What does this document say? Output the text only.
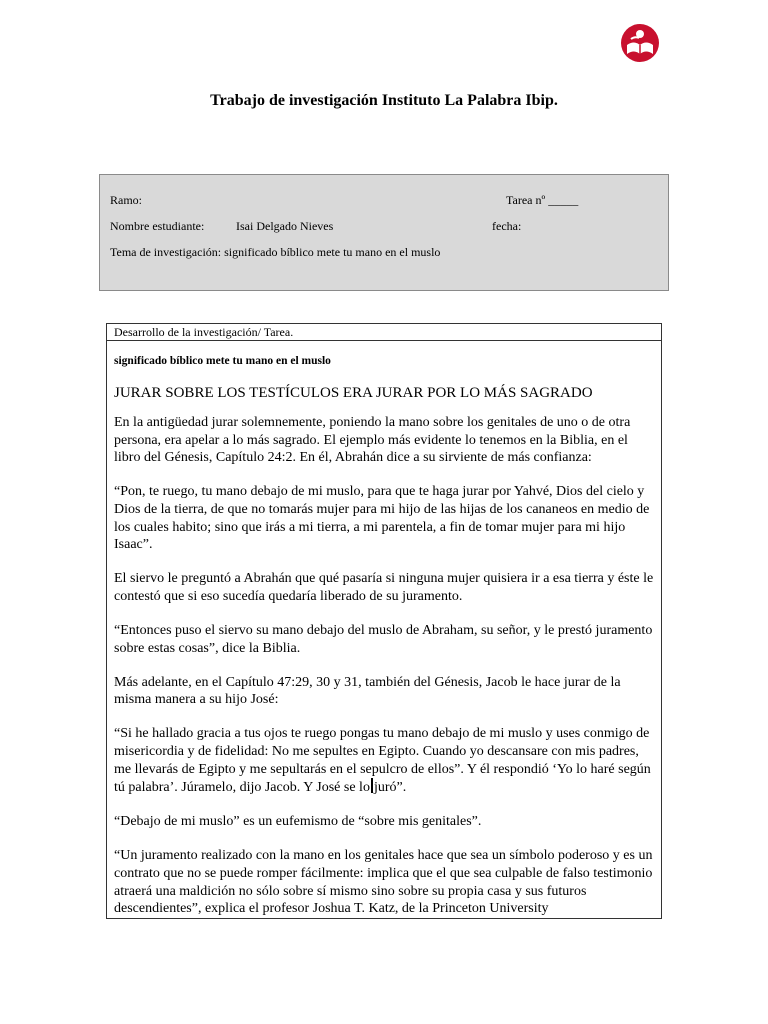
Trabajo de investigación Instituto La Palabra Ibip.
Ramo:	Tarea nº _____
Nombre estudiante:	Isai Delgado Nieves	fecha:
Tema de investigación: significado bíblico mete tu mano en el muslo
Desarrollo de la investigación/ Tarea.

significado bíblico mete tu mano en el muslo

JURAR SOBRE LOS TESTÍCULOS ERA JURAR POR LO MÁS SAGRADO

En la antigüedad jurar solemnemente, poniendo la mano sobre los genitales de uno o de otra persona, era apelar a lo más sagrado. El ejemplo más evidente lo tenemos en la Biblia, en el libro del Génesis, Capítulo 24:2. En él, Abrahán dice a su sirviente de más confianza:

“Pon, te ruego, tu mano debajo de mi muslo, para que te haga jurar por Yahvé, Dios del cielo y Dios de la tierra, de que no tomarás mujer para mi hijo de las hijas de los cananeos en medio de los cuales habito; sino que irás a mi tierra, a mi parentela, a fin de tomar mujer para mi hijo Isaac”.

El siervo le preguntó a Abrahán que qué pasaría si ninguna mujer quisiera ir a esa tierra y éste le contestó que si eso sucedía quedaría liberado de su juramento.

“Entonces puso el siervo su mano debajo del muslo de Abraham, su señor, y le prestó juramento sobre estas cosas”, dice la Biblia.

Más adelante, en el Capítulo 47:29, 30 y 31, también del Génesis, Jacob le hace jurar de la misma manera a su hijo José:

“Si he hallado gracia a tus ojos te ruego pongas tu mano debajo de mi muslo y uses conmigo de misericordia y de fidelidad: No me sepultes en Egipto. Cuando yo descansare con mis padres, me llevarás de Egipto y me sepultarás en el sepulcro de ellos”. Y él respondió ‘Yo lo haré según tú palabra’. Júramelo, dijo Jacob. Y José se lo juró”.

“Debajo de mi muslo” es un eufemismo de “sobre mis genitales”.

“Un juramento realizado con la mano en los genitales hace que sea un símbolo poderoso y es un contrato que no se puede romper fácilmente: implica que el que sea culpable de falso testimonio atraerá una maldición no sólo sobre sí mismo sino sobre su propia casa y sus futuros descendientes”, explica el profesor Joshua T. Katz, de la Princeton University
